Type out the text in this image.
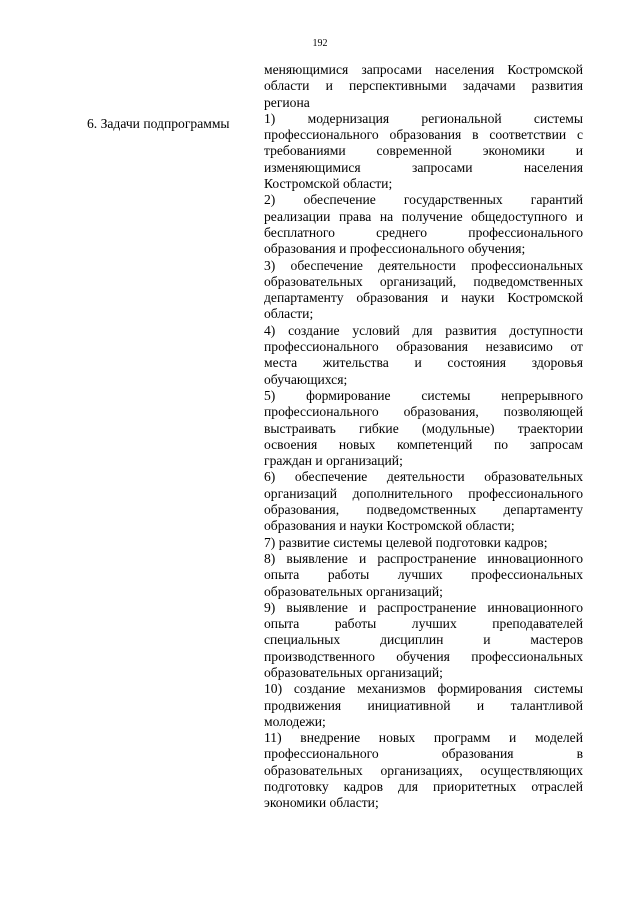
192
6. Задачи подпрограммы
меняющимися запросами населения Костромской
области и перспективными задачами развития
региона
1) модернизация региональной системы
профессионального образования в соответствии с
требованиями современной экономики и
изменяющимися запросами населения
Костромской области;
2) обеспечение государственных гарантий
реализации права на получение общедоступного и
бесплатного среднего профессионального
образования и профессионального обучения;
3) обеспечение деятельности профессиональных
образовательных организаций, подведомственных
департаменту образования и науки Костромской
области;
4) создание условий для развития доступности
профессионального образования независимо от
места жительства и состояния здоровья
обучающихся;
5) формирование системы непрерывного
профессионального образования, позволяющей
выстраивать гибкие (модульные) траектории
освоения новых компетенций по запросам
граждан и организаций;
6) обеспечение деятельности образовательных
организаций дополнительного профессионального
образования, подведомственных департаменту
образования и науки Костромской области;
7) развитие системы целевой подготовки кадров;
8) выявление и распространение инновационного
опыта работы лучших профессиональных
образовательных организаций;
9) выявление и распространение инновационного
опыта работы лучших преподавателей
специальных дисциплин и мастеров
производственного обучения профессиональных
образовательных организаций;
10) создание механизмов формирования системы
продвижения инициативной и талантливой
молодежи;
11) внедрение новых программ и моделей
профессионального образования в
образовательных организациях, осуществляющих
подготовку кадров для приоритетных отраслей
экономики области;
